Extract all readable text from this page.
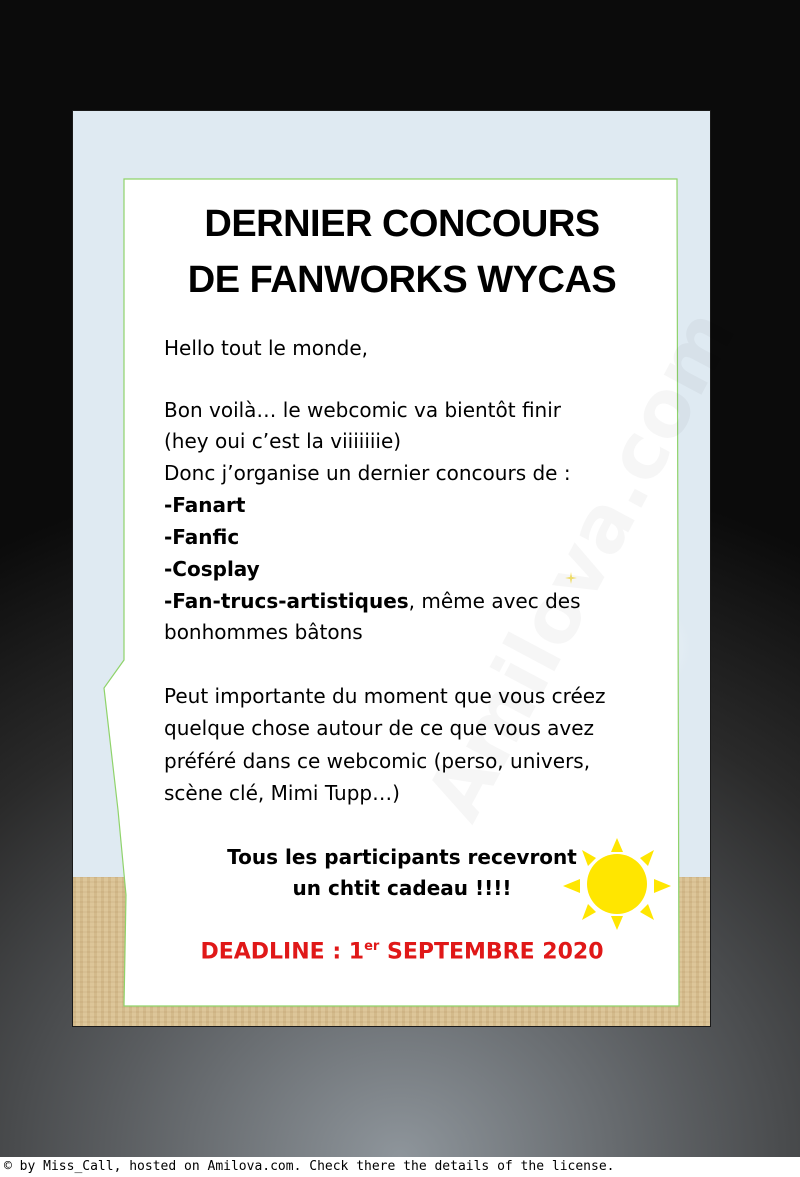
DERNIER CONCOURS
DE FANWORKS WYCAS
Hello tout le monde,
Bon voilà… le webcomic va bientôt finir
(hey oui c’est la viiiiiiie)
Donc j’organise un dernier concours de :
-Fanart
-Fanfic
-Cosplay
-Fan-trucs-artistiques, même avec des
bonhommes bâtons
Peut importante du moment que vous créez
quelque chose autour de ce que vous avez
préféré dans ce webcomic (perso, univers,
scène clé, Mimi Tupp…)
Tous les participants recevront
un chtit cadeau !!!!
DEADLINE : 1er SEPTEMBRE 2020
© by Miss_Call, hosted on Amilova.com. Check there the details of the license.
